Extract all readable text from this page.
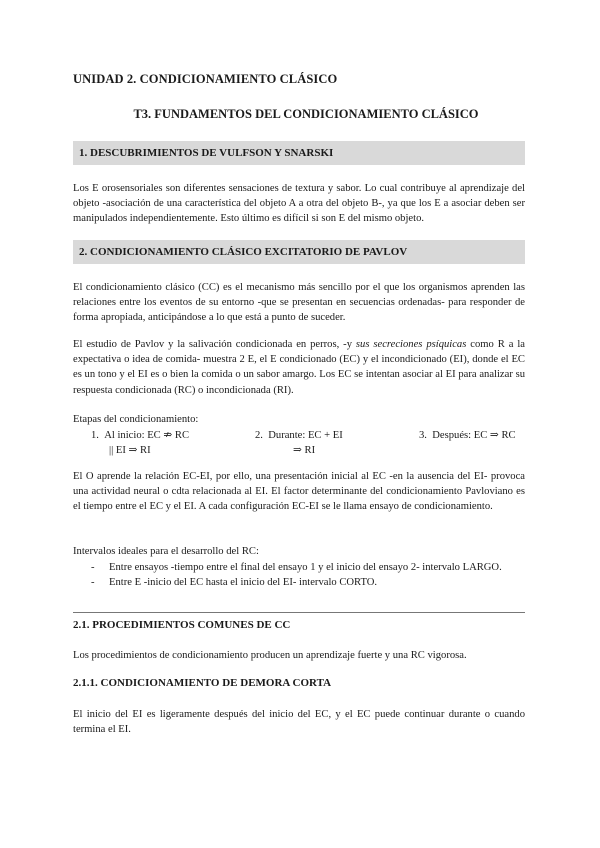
UNIDAD 2. CONDICIONAMIENTO CLÁSICO
T3. FUNDAMENTOS DEL CONDICIONAMIENTO CLÁSICO
1. DESCUBRIMIENTOS DE VULFSON Y SNARSKI

Los E orosensoriales son diferentes sensaciones de textura y sabor. Lo cual contribuye al aprendizaje del objeto -asociación de una característica del objeto A a otra del objeto B-, ya que los E a asociar deben ser manipulados independientemente. Esto último es difícil si son E del mismo objeto.

2. CONDICIONAMIENTO CLÁSICO EXCITATORIO DE PAVLOV

El condicionamiento clásico (CC) es el mecanismo más sencillo por el que los organismos aprenden las relaciones entre los eventos de su entorno -que se presentan en secuencias ordenadas- para responder de forma apropiada, anticipándose a lo que está a punto de suceder.

El estudio de Pavlov y la salivación condicionada en perros, -y sus secreciones psíquicas como R a la expectativa o idea de comida- muestra 2 E, el E condicionado (EC) y el incondicionado (EI), donde el EC es un tono y el EI es o bien la comida o un sabor amargo. Los EC se intentan asociar al EI para analizar su respuesta condicionada (RC) o incondicionada (RI).

Etapas del condicionamiento:

1. Al inicio: EC ⇏ RC
|| EI ⇒ RI
2. Durante: EC + EI
⇒ RI
3. Después: EC ⇒ RC

El O aprende la relación EC-EI, por ello, una presentación inicial al EC -en la ausencia del EI- provoca una actividad neural o cdta relacionada al EI. El factor determinante del condicionamiento Pavloviano es el tiempo entre el EC y el EI. A cada configuración EC-EI se le llama ensayo de condicionamiento.

Intervalos ideales para el desarrollo del RC:

- Entre ensayos -tiempo entre el final del ensayo 1 y el inicio del ensayo 2- intervalo LARGO.
- Entre E -inicio del EC hasta el inicio del EI- intervalo CORTO.
2.1. PROCEDIMIENTOS COMUNES DE CC

Los procedimientos de condicionamiento producen un aprendizaje fuerte y una RC vigorosa.

2.1.1. CONDICIONAMIENTO DE DEMORA CORTA

El inicio del EI es ligeramente después del inicio del EC, y el EC puede continuar durante o cuando termina el EI.
